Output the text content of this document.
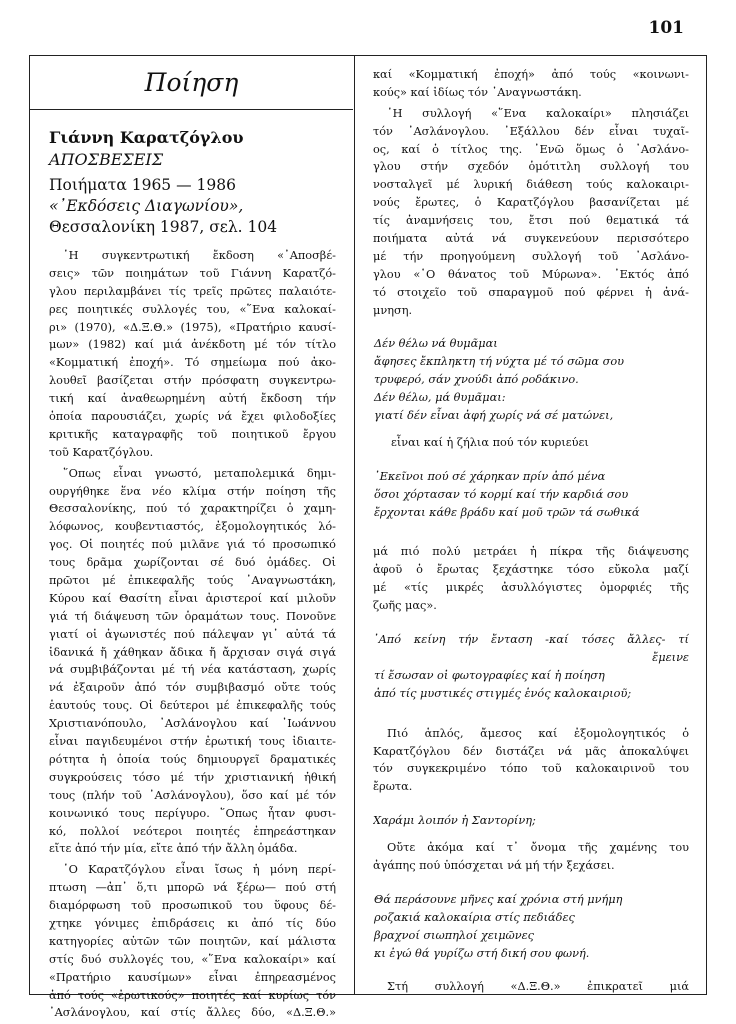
101
Ποίηση
Γιάννη Καρατζόγλου
ΑΠΟΣΒΕΣΕΙΣ
Ποιήματα 1965 — 1986
«᾿Εκδόσεις Διαγωνίου»,
Θεσσαλονίκη 1987, σελ. 104
῾Η συγκεντρωτική ἔκδοση «᾿Αποσβέ-
σεις» τῶν ποιημάτων τοῦ Γιάννη Καρατζό-
γλου περιλαμβάνει τίς τρεῖς πρῶτες παλαιότε-
ρες ποιητικές συλλογές του, «῞Ενα καλοκαί-
ρι» (1970), «Δ.Ξ.Θ.» (1975), «Πρατήριο καυσί-
μων» (1982) καί μιά ἀνέκδοτη μέ τόν τίτλο
«Κομματική ἐποχή». Τό σημείωμα πού ἀκο-
λουθεῖ βασίζεται στήν πρόσφατη συγκεντρω-
τική καί ἀναθεωρημένη αὐτή ἔκδοση τήν
ὁποία παρουσιάζει, χωρίς νά ἔχει φιλοδοξίες
κριτικῆς καταγραφῆς τοῦ ποιητικοῦ ἔργου
τοῦ Καρατζόγλου.
῞Οπως εἶναι γνωστό, μεταπολεμικά δημι-
ουργήθηκε ἕνα νέο κλίμα στήν ποίηση τῆς
Θεσσαλονίκης, πού τό χαρακτηρίζει ὁ χαμη-
λόφωνος, κουβεντιαστός, ἐξομολογητικός λό-
γος. Οἱ ποιητές πού μιλᾶνε γιά τό προσωπικό
τους δρᾶμα χωρίζονται σέ δυό ὁμάδες. Οἱ
πρῶτοι μέ ἐπικεφαλῆς τούς ᾿Αναγνωστάκη,
Κύρου καί Θασίτη εἶναι ἀριστεροί καί μιλοῦν
γιά τή διάψευση τῶν ὁραμάτων τους. Πονοῦνε
γιατί οἱ ἀγωνιστές πού πάλεψαν γι᾿ αὐτά τά
ἰδανικά ἤ χάθηκαν ἄδικα ἤ ἄρχισαν σιγά σιγά
νά συμβιβάζονται μέ τή νέα κατάσταση, χωρίς
νά ἐξαιροῦν ἀπό τόν συμβιβασμό οὔτε τούς
ἑαυτούς τους. Οἱ δεύτεροι μέ ἐπικεφαλῆς τούς
Χριστιανόπουλο, ᾿Ασλάνογλου καί ᾿Ιωάννου
εἶναι παγιδευμένοι στήν ἐρωτική τους ἰδιαιτε-
ρότητα ἡ ὁποία τούς δημιουργεῖ δραματικές
συγκρούσεις τόσο μέ τήν χριστιανική ἠθική
τους (πλήν τοῦ ᾿Ασλάνογλου), ὅσο καί μέ τόν
κοινωνικό τους περίγυρο. ῞Οπως ἦταν φυσι-
κό, πολλοί νεότεροι ποιητές ἐπηρεάστηκαν
εἴτε ἀπό τήν μία, εἴτε ἀπό τήν ἄλλη ὁμάδα.
῾Ο Καρατζόγλου εἶναι ἴσως ἡ μόνη περί-
πτωση —ἀπ᾿ ὅ,τι μπορῶ νά ξέρω— πού στή
διαμόρφωση τοῦ προσωπικοῦ του ὕφους δέ-
χτηκε γόνιμες ἐπιδράσεις κι ἀπό τίς δύο
κατηγορίες αὐτῶν τῶν ποιητῶν, καί μάλιστα
στίς δυό συλλογές του, «῞Ενα καλοκαίρι» καί
«Πρατήριο καυσίμων» εἶναι ἐπηρεασμένος
ἀπό τούς «ἐρωτικούς» ποιητές καί κυρίως τόν
᾿Ασλάνογλου, καί στίς ἄλλες δύο, «Δ.Ξ.Θ.»
καί «Κομματική ἐποχή» ἀπό τούς «κοινωνι-
κούς» καί ἰδίως τόν ᾿Αναγνωστάκη.
῾Η συλλογή «῞Ενα καλοκαίρι» πλησιάζει
τόν ᾿Ασλάνογλου. ᾿Εξάλλου δέν εἶναι τυχαῖ-
ος, καί ὁ τίτλος της. ᾿Ενῶ ὅμως ὁ ᾿Ασλάνο-
γλου στήν σχεδόν ὁμότιτλη συλλογή του
νοσταλγεῖ μέ λυρική διάθεση τούς καλοκαιρι-
νούς ἔρωτες, ὁ Καρατζόγλου βασανίζεται μέ
τίς ἀναμνήσεις του, ἔτσι πού θεματικά τά
ποιήματα αὐτά νά συγκενεύουν περισσότερο
μέ τήν προηγούμενη συλλογή τοῦ ᾿Ασλάνο-
γλου «῾Ο θάνατος τοῦ Μύρωνα». ᾿Εκτός ἀπό
τό στοιχεῖο τοῦ σπαραγμοῦ πού φέρνει ἡ ἀνά-
μνηση.
Δέν θέλω νά θυμᾶμαι
ἄφησες ἔκπληκτη τή νύχτα μέ τό σῶμα σου
τρυφερό, σάν χνούδι ἀπό ροδάκινο.
Δέν θέλω, μά θυμᾶμαι:
γιατί δέν εἶναι ἀφή χωρίς νά σέ ματώνει,
εἶναι καί ἡ ζήλια πού τόν κυριεύει
᾿Εκεῖνοι πού σέ χάρηκαν πρίν ἀπό μένα
ὅσοι χόρτασαν τό κορμί καί τήν καρδιά σου
ἔρχονται κάθε βράδυ καί μοῦ τρῶν τά σωθικά
μά πιό πολύ μετράει ἡ πίκρα τῆς διάψευσης
ἀφοῦ ὁ ἔρωτας ξεχάστηκε τόσο εὔκολα μαζί
μέ «τίς μικρές ἀσυλλόγιστες ὀμορφιές τῆς
ζωῆς μας».
᾿Από κείνη τήν ἔνταση -καί τόσες ἄλλες- τί
ἔμεινε
τί ἔσωσαν οἱ φωτογραφίες καί ἡ ποίηση
ἀπό τίς μυστικές στιγμές ἑνός καλοκαιριοῦ;
Πιό ἁπλός, ἄμεσος καί ἐξομολογητικός ὁ
Καρατζόγλου δέν διστάζει νά μᾶς ἀποκαλύψει
τόν συγκεκριμένο τόπο τοῦ καλοκαιρινοῦ του
ἔρωτα.
Χαράμι λοιπόν ἡ Σαντορίνη;
Οὔτε ἀκόμα καί τ᾿ ὄνομα τῆς χαμένης του
ἀγάπης πού ὑπόσχεται νά μή τήν ξεχάσει.
Θά περάσουνε μῆνες καί χρόνια στή μνήμη
ροζακιά καλοκαίρια στίς πεδιάδες
βραχνοί σιωπηλοί χειμῶνες
κι ἐγώ θά γυρίζω στή δική σου φωνή.
Στή συλλογή «Δ.Ξ.Θ.» ἐπικρατεῖ μιά
